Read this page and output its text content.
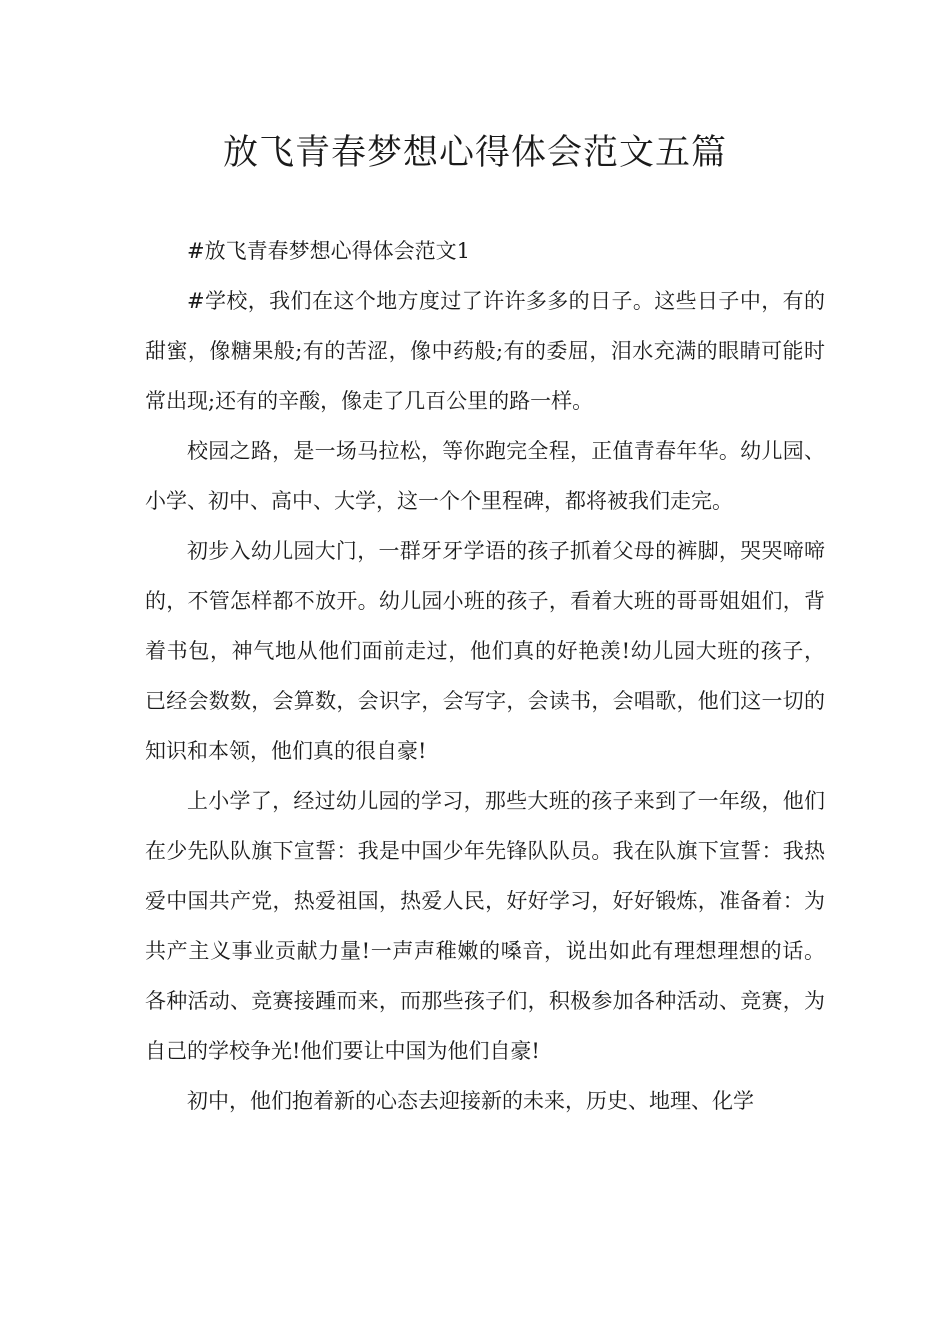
放飞青春梦想心得体会范文五篇

#放飞青春梦想心得体会范文1

#学校，我们在这个地方度过了许许多多的日子。这些日子中，有的甜蜜，像糖果般;有的苦涩，像中药般;有的委屈，泪水充满的眼睛可能时常出现;还有的辛酸，像走了几百公里的路一样。

校园之路，是一场马拉松，等你跑完全程，正值青春年华。幼儿园、小学、初中、高中、大学，这一个个里程碑，都将被我们走完。

初步入幼儿园大门，一群牙牙学语的孩子抓着父母的裤脚，哭哭啼啼的，不管怎样都不放开。幼儿园小班的孩子，看着大班的哥哥姐姐们，背着书包，神气地从他们面前走过，他们真的好艳羡!幼儿园大班的孩子，已经会数数，会算数，会识字，会写字，会读书，会唱歌，他们这一切的知识和本领，他们真的很自豪!

上小学了，经过幼儿园的学习，那些大班的孩子来到了一年级，他们在少先队队旗下宣誓：我是中国少年先锋队队员。我在队旗下宣誓：我热爱中国共产党，热爱祖国，热爱人民，好好学习，好好锻炼，准备着：为共产主义事业贡献力量!一声声稚嫩的嗓音，说出如此有理想理想的话。各种活动、竞赛接踵而来，而那些孩子们，积极参加各种活动、竞赛，为自己的学校争光!他们要让中国为他们自豪!

初中，他们抱着新的心态去迎接新的未来，历史、地理、化学
